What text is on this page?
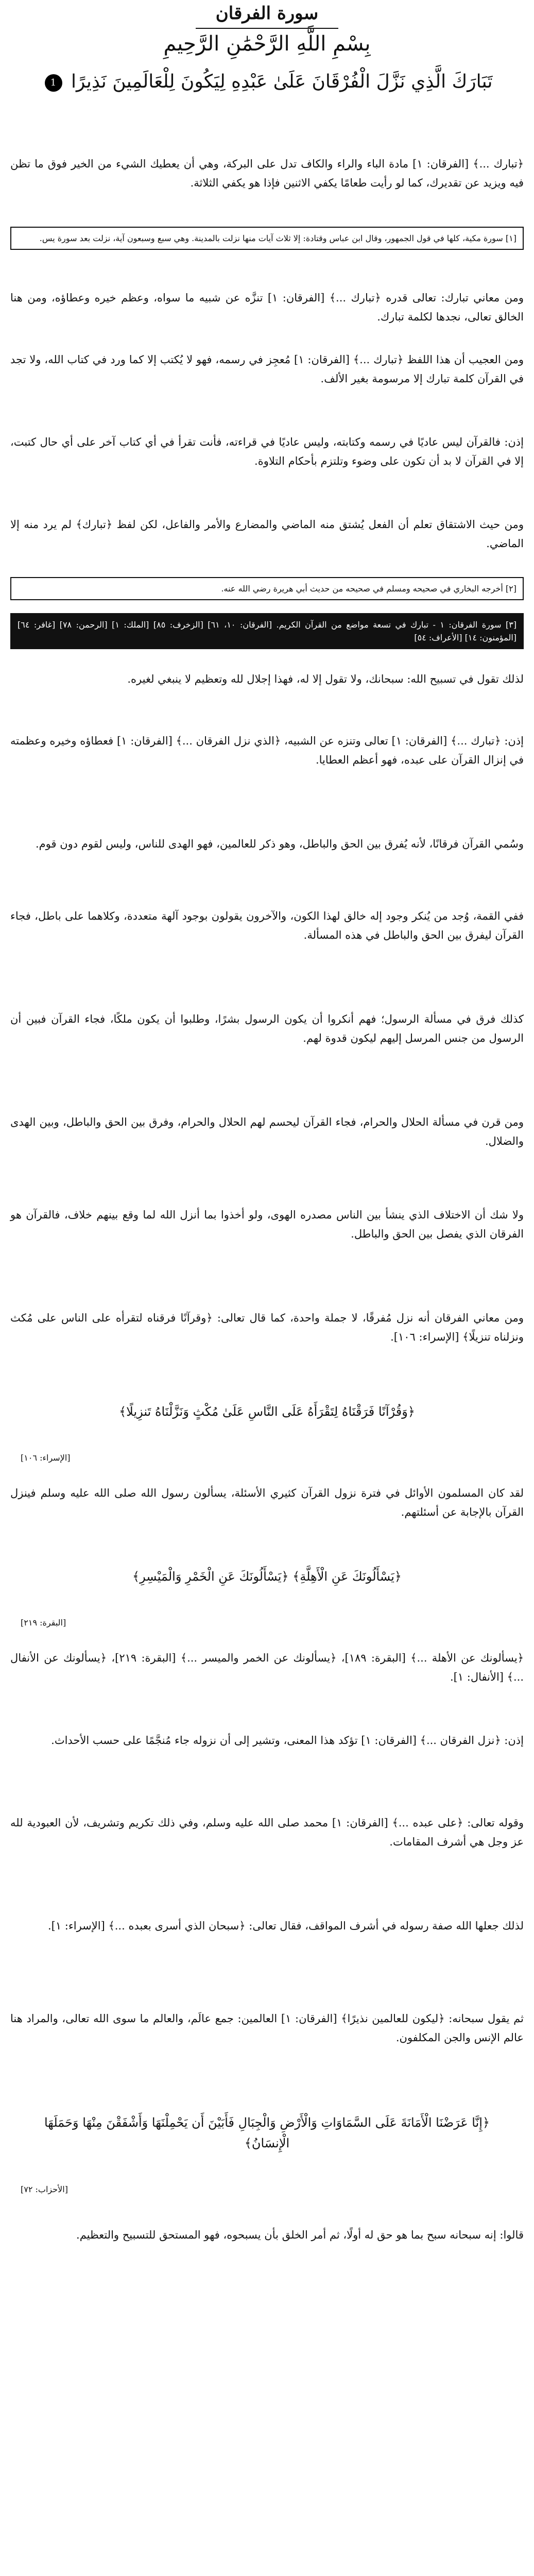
سورة الفرقان
بِسْمِ اللَّهِ الرَّحْمَٰنِ الرَّحِيمِ
تَبَارَكَ الَّذِي نَزَّلَ الْفُرْقَانَ عَلَىٰ عَبْدِهِ لِيَكُونَ لِلْعَالَمِينَ نَذِيرًا 1
﴿تبارك ...﴾ [الفرقان: ١] مادة الباء والراء والكاف تدل على البركة، وهي أن يعطيك الشيء من الخير فوق ما تظن فيه ويزيد عن تقديرك، كما لو رأيت طعامًا يكفي الاثنين فإذا هو يكفي الثلاثة.
[١] سورة مكية، كلها في قول الجمهور، وقال ابن عباس وقتادة: إلا ثلاث آيات منها نزلت بالمدينة. وهي سبع وسبعون آية، نزلت بعد سورة يس.
ومن معاني تبارك: تعالى قدره ﴿تبارك ...﴾ [الفرقان: ١] تنزَّه عن شبيه ما سواه، وعظم خيره وعطاؤه، ومن هنا الخالق تعالى، نجدها لكلمة تبارك.
ومن العجيب أن هذا اللفظ ﴿تبارك ...﴾ [الفرقان: ١] مُعجِز في رسمه، فهو لا يُكتب إلا كما ورد في كتاب الله، ولا تجد في القرآن كلمة تبارك إلا مرسومة بغير الألف.
إذن: فالقرآن ليس عاديًا في رسمه وكتابته، وليس عاديًا في قراءته، فأنت تقرأ في أي كتاب آخر على أي حال كتبت، إلا في القرآن لا بد أن تكون على وضوء وتلتزم بأحكام التلاوة.
ومن حيث الاشتقاق تعلم أن الفعل يُشتق منه الماضي والمضارع والأمر والفاعل، لكن لفظ ﴿تبارك﴾ لم يرد منه إلا الماضي.
[٢] أخرجه البخاري في صحيحه ومسلم في صحيحه من حديث أبي هريرة رضي الله عنه.
[٣] سورة الفرقان: ١ - تبارك في تسعة مواضع من القرآن الكريم. [الفرقان: ١٠، ٦١] [الزخرف: ٨٥] [الملك: ١] [الرحمن: ٧٨] [غافر: ٦٤] [المؤمنون: ١٤] [الأعراف: ٥٤]
لذلك تقول في تسبيح الله: سبحانك، ولا تقول إلا له، فهذا إجلال لله وتعظيم لا ينبغي لغيره.
إذن: ﴿تبارك ...﴾ [الفرقان: ١] تعالى وتنزه عن الشبيه، ﴿الذي نزل الفرقان ...﴾ [الفرقان: ١] فعطاؤه وخيره وعظمته في إنزال القرآن على عبده، فهو أعظم العطايا.
وسُمي القرآن فرقانًا، لأنه يُفرق بين الحق والباطل، وهو ذكر للعالمين، فهو الهدى للناس، وليس لقوم دون قوم.
ففي القمة، وُجد من يُنكر وجود إله خالق لهذا الكون، والآخرون يقولون بوجود آلهة متعددة، وكلاهما على باطل، فجاء القرآن ليفرق بين الحق والباطل في هذه المسألة.
كذلك فرق في مسألة الرسول؛ فهم أنكروا أن يكون الرسول بشرًا، وطلبوا أن يكون ملكًا، فجاء القرآن فبين أن الرسول من جنس المرسل إليهم ليكون قدوة لهم.
ومن قرن في مسألة الحلال والحرام، فجاء القرآن ليحسم لهم الحلال والحرام، وفرق بين الحق والباطل، وبين الهدى والضلال.
ولا شك أن الاختلاف الذي ينشأ بين الناس مصدره الهوى، ولو أخذوا بما أنزل الله لما وقع بينهم خلاف، فالقرآن هو الفرقان الذي يفصل بين الحق والباطل.
ومن معاني الفرقان أنه نزل مُفرقًا، لا جملة واحدة، كما قال تعالى: ﴿وقرآنًا فرقناه لتقرأه على الناس على مُكث ونزلناه تنزيلًا﴾ [الإسراء: ١٠٦].
﴿وَقُرْآنًا فَرَقْنَاهُ لِتَقْرَأَهُ عَلَى النَّاسِ عَلَىٰ مُكْثٍ وَنَزَّلْنَاهُ تَنزِيلًا﴾
[الإسراء: ١٠٦]
لقد كان المسلمون الأوائل في فترة نزول القرآن كثيري الأسئلة، يسألون رسول الله صلى الله عليه وسلم فينزل القرآن بالإجابة عن أسئلتهم.
﴿يَسْأَلُونَكَ عَنِ الْأَهِلَّةِ﴾ ﴿يَسْأَلُونَكَ عَنِ الْخَمْرِ وَالْمَيْسِرِ﴾
[البقرة: ٢١٩]
﴿يسألونك عن الأهلة ...﴾ [البقرة: ١٨٩]، ﴿يسألونك عن الخمر والميسر ...﴾ [البقرة: ٢١٩]، ﴿يسألونك عن الأنفال ...﴾ [الأنفال: ١].
إذن: ﴿نزل الفرقان ...﴾ [الفرقان: ١] تؤكد هذا المعنى، وتشير إلى أن نزوله جاء مُنجَّمًا على حسب الأحداث.
وقوله تعالى: ﴿على عبده ...﴾ [الفرقان: ١] محمد صلى الله عليه وسلم، وفي ذلك تكريم وتشريف، لأن العبودية لله عز وجل هي أشرف المقامات.
لذلك جعلها الله صفة رسوله في أشرف المواقف، فقال تعالى: ﴿سبحان الذي أسرى بعبده ...﴾ [الإسراء: ١].
ثم يقول سبحانه: ﴿ليكون للعالمين نذيرًا﴾ [الفرقان: ١] العالمين: جمع عالَم، والعالم ما سوى الله تعالى، والمراد هنا عالم الإنس والجن المكلفون.
﴿إِنَّا عَرَضْنَا الْأَمَانَةَ عَلَى السَّمَاوَاتِ وَالْأَرْضِ وَالْجِبَالِ فَأَبَيْنَ أَن يَحْمِلْنَهَا وَأَشْفَقْنَ مِنْهَا وَحَمَلَهَا الْإِنسَانُ﴾
[الأحزاب: ٧٢]
قالوا: إنه سبحانه سبح بما هو حق له أولًا، ثم أمر الخلق بأن يسبحوه، فهو المستحق للتسبيح والتعظيم.
